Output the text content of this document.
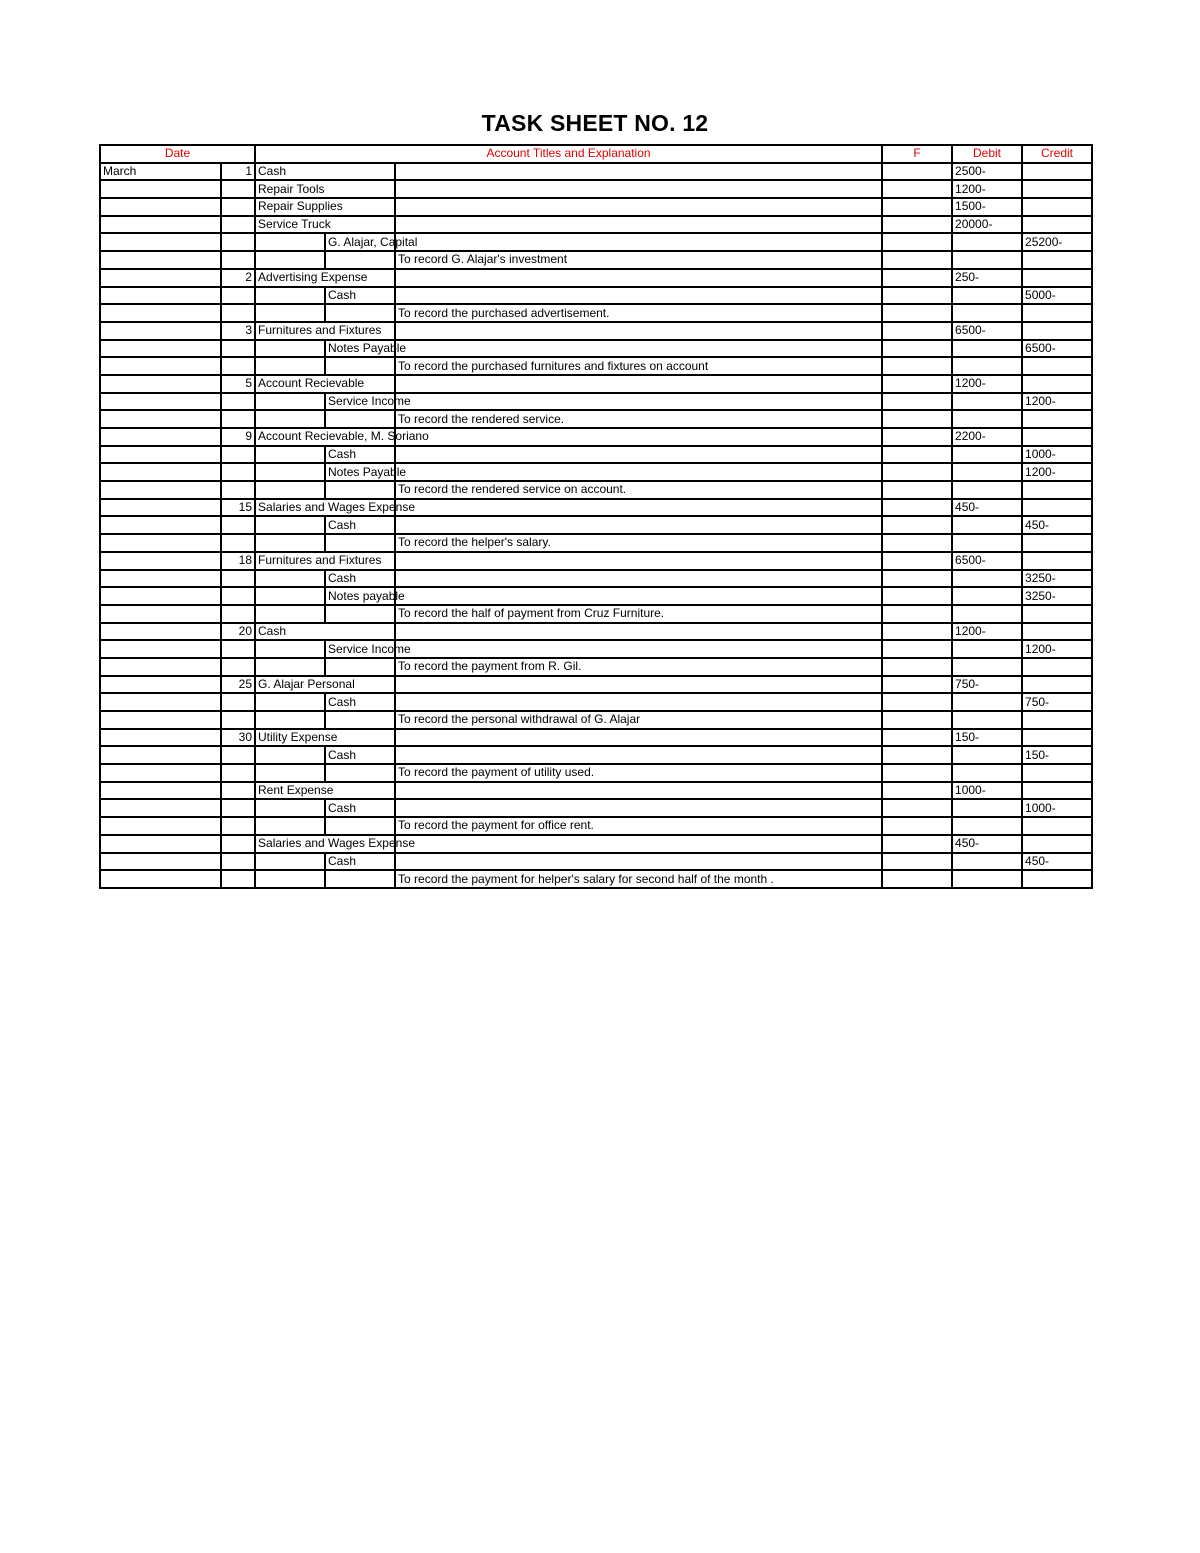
TASK SHEET NO. 12
Date		Account Titles and Explanation			F	Debit	Credit
March	1	Cash				2500-	
		Repair Tools				1200-	
		Repair Supplies				1500-	
		Service Truck				20000-	
			G. Alajar, Capital				25200-
				To record G. Alajar's investment			
	2	Advertising Expense				250-	
			Cash				5000-
				To record the purchased advertisement.			
	3	Furnitures and Fixtures				6500-	
			Notes Payable				6500-
				To record the purchased furnitures and fixtures on account			
	5	Account Recievable				1200-	
			Service Income				1200-
				To record the rendered service.			
	9	Account Recievable, M. Soriano				2200-	
			Cash				1000-
			Notes Payable				1200-
				To record the rendered service on account.			
	15	Salaries and Wages Expense				450-	
			Cash				450-
				To record the helper's salary.			
	18	Furnitures and Fixtures				6500-	
			Cash				3250-
			Notes payable				3250-
				To record the half of payment from Cruz Furniture.			
	20	Cash				1200-	
			Service Income				1200-
				To record the payment from R. Gil.			
	25	G. Alajar Personal				750-	
			Cash				750-
				To record the personal withdrawal of G. Alajar			
	30	Utility Expense				150-	
			Cash				150-
				To record the payment of utility used.			
		Rent Expense				1000-	
			Cash				1000-
				To record the payment for office rent.			
		Salaries and Wages Expense				450-	
			Cash				450-
				To record the payment for helper's salary for second half of the month .			
